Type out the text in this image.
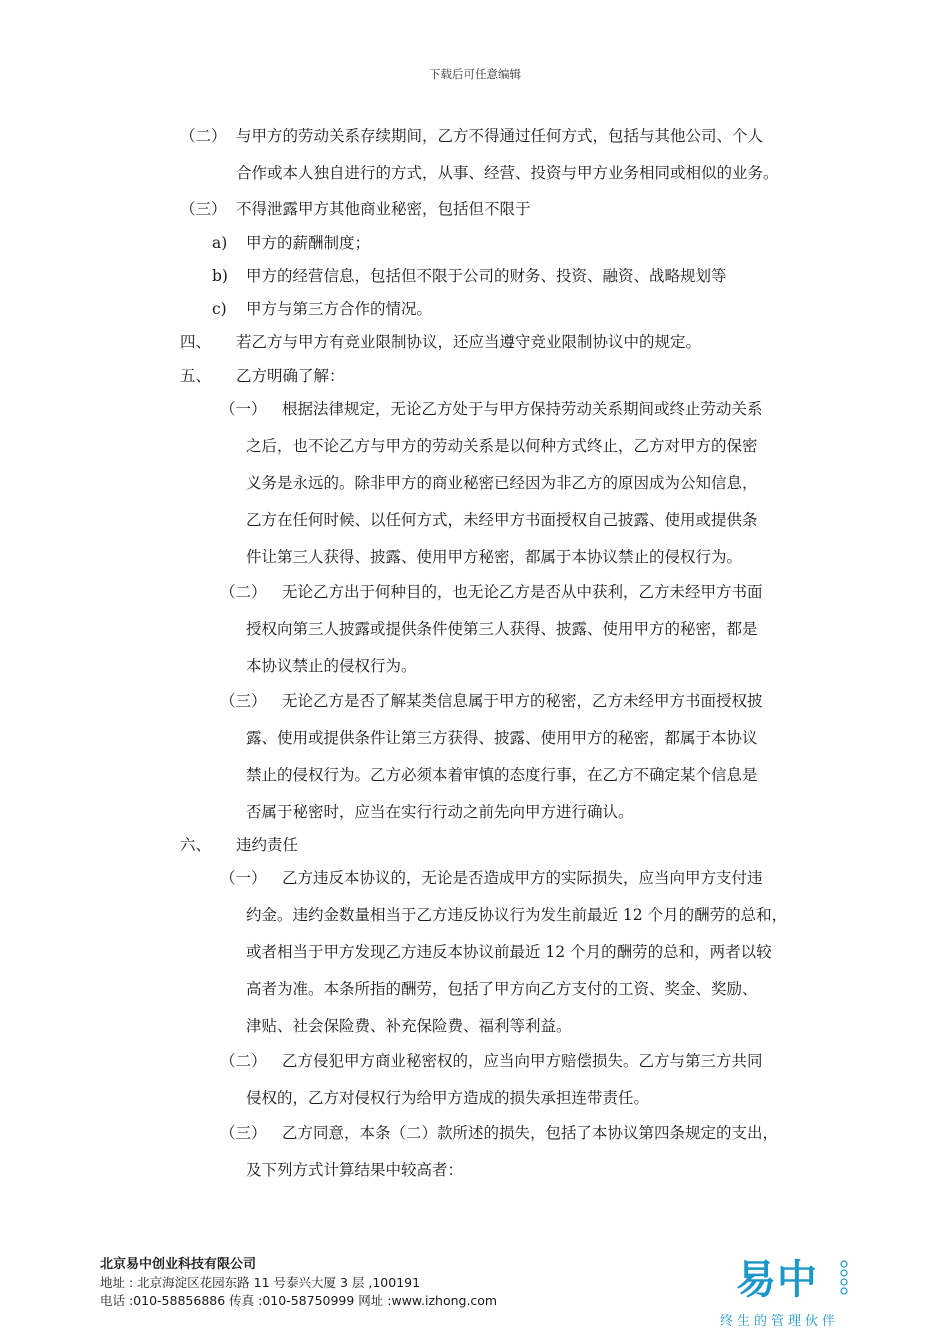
下载后可任意编辑
（二） 与甲方的劳动关系存续期间，乙方不得通过任何方式，包括与其他公司、个人
合作或本人独自进行的方式，从事、经营、投资与甲方业务相同或相似的业务。
（三） 不得泄露甲方其他商业秘密，包括但不限于
a) 甲方的薪酬制度；
b) 甲方的经营信息，包括但不限于公司的财务、投资、融资、战略规划等
c) 甲方与第三方合作的情况。
四、 若乙方与甲方有竞业限制协议，还应当遵守竞业限制协议中的规定。
五、 乙方明确了解：
（一） 根据法律规定，无论乙方处于与甲方保持劳动关系期间或终止劳动关系
之后，也不论乙方与甲方的劳动关系是以何种方式终止，乙方对甲方的保密
义务是永远的。除非甲方的商业秘密已经因为非乙方的原因成为公知信息，
乙方在任何时候、以任何方式，未经甲方书面授权自己披露、使用或提供条
件让第三人获得、披露、使用甲方秘密，都属于本协议禁止的侵权行为。
（二） 无论乙方出于何种目的，也无论乙方是否从中获利，乙方未经甲方书面
授权向第三人披露或提供条件使第三人获得、披露、使用甲方的秘密，都是
本协议禁止的侵权行为。
（三） 无论乙方是否了解某类信息属于甲方的秘密，乙方未经甲方书面授权披
露、使用或提供条件让第三方获得、披露、使用甲方的秘密，都属于本协议
禁止的侵权行为。乙方必须本着审慎的态度行事，在乙方不确定某个信息是
否属于秘密时，应当在实行行动之前先向甲方进行确认。
六、 违约责任
（一） 乙方违反本协议的，无论是否造成甲方的实际损失，应当向甲方支付违
约金。违约金数量相当于乙方违反协议行为发生前最近 12 个月的酬劳的总和，
或者相当于甲方发现乙方违反本协议前最近 12 个月的酬劳的总和，两者以较
高者为准。本条所指的酬劳，包括了甲方向乙方支付的工资、奖金、奖励、
津贴、社会保险费、补充保险费、福利等利益。
（二） 乙方侵犯甲方商业秘密权的，应当向甲方赔偿损失。乙方与第三方共同
侵权的，乙方对侵权行为给甲方造成的损失承担连带责任。
（三） 乙方同意，本条（二）款所述的损失，包括了本协议第四条规定的支出，
及下列方式计算结果中较高者：
北京易中创业科技有限公司
地址 : 北京海淀区花园东路 11 号泰兴大厦 3 层 ,100191
电话 :010-58856886 传真 :010-58750999 网址 :www.izhong.com	易中
终生的管理伙伴
